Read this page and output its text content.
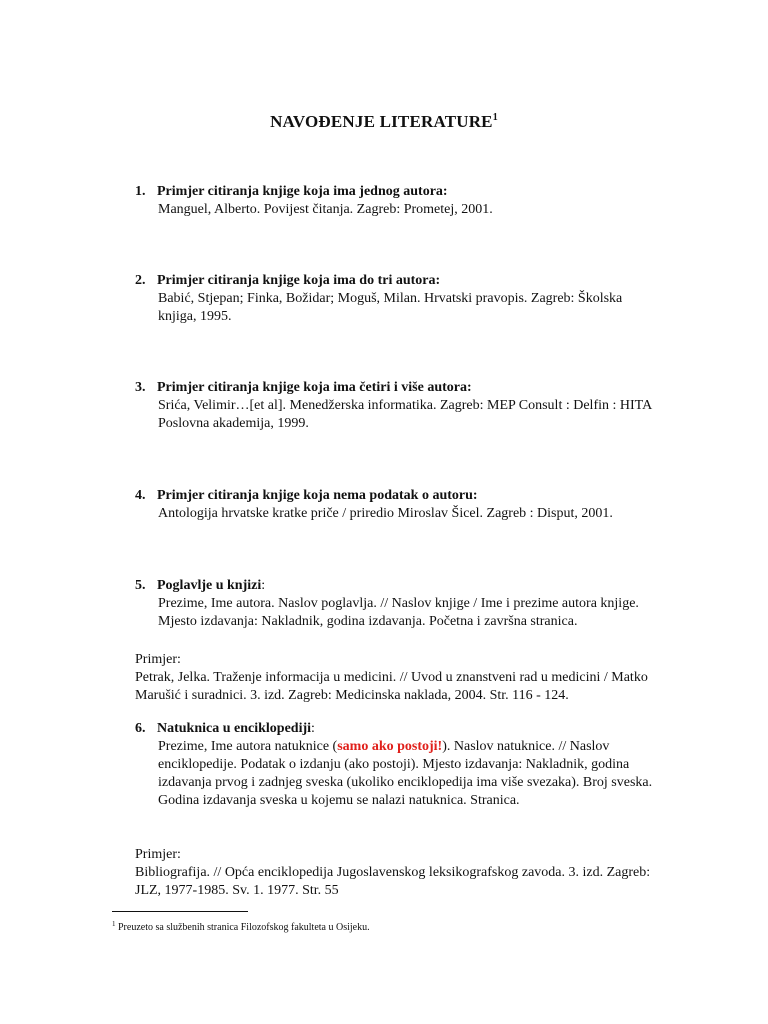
NAVOĐENJE LITERATURE$^1$
1. Primjer citiranja knjige koja ima jednog autora:
Manguel, Alberto. Povijest čitanja. Zagreb: Prometej, 2001.
2. Primjer citiranja knjige koja ima do tri autora:
Babić, Stjepan; Finka, Božidar; Moguš, Milan. Hrvatski pravopis. Zagreb: Školska knjiga, 1995.
3. Primjer citiranja knjige koja ima četiri i više autora:
Srića, Velimir…[et al]. Menedžerska informatika. Zagreb: MEP Consult : Delfin : HITA Poslovna akademija, 1999.
4. Primjer citiranja knjige koja nema podatak o autoru:
Antologija hrvatske kratke priče / priredio Miroslav Šicel. Zagreb : Disput, 2001.
5. Poglavlje u knjizi:
Prezime, Ime autora. Naslov poglavlja. // Naslov knjige / Ime i prezime autora knjige. Mjesto izdavanja: Nakladnik, godina izdavanja. Početna i završna stranica.
Primjer:
Petrak, Jelka. Traženje informacija u medicini. // Uvod u znanstveni rad u medicini / Matko Marušić i suradnici. 3. izd. Zagreb: Medicinska naklada, 2004. Str. 116 - 124.
6. Natuknica u enciklopediji:
Prezime, Ime autora natuknice (samo ako postoji!). Naslov natuknice. // Naslov enciklopedije. Podatak o izdanju (ako postoji). Mjesto izdavanja: Nakladnik, godina izdavanja prvog i zadnjeg sveska (ukoliko enciklopedija ima više svezaka). Broj sveska. Godina izdavanja sveska u kojemu se nalazi natuknica. Stranica.
Primjer:
Bibliografija. // Opća enciklopedija Jugoslavenskog leksikografskog zavoda. 3. izd. Zagreb: JLZ, 1977-1985. Sv. 1. 1977. Str. 55
$^1$ Preuzeto sa službenih stranica Filozofskog fakulteta u Osijeku.
